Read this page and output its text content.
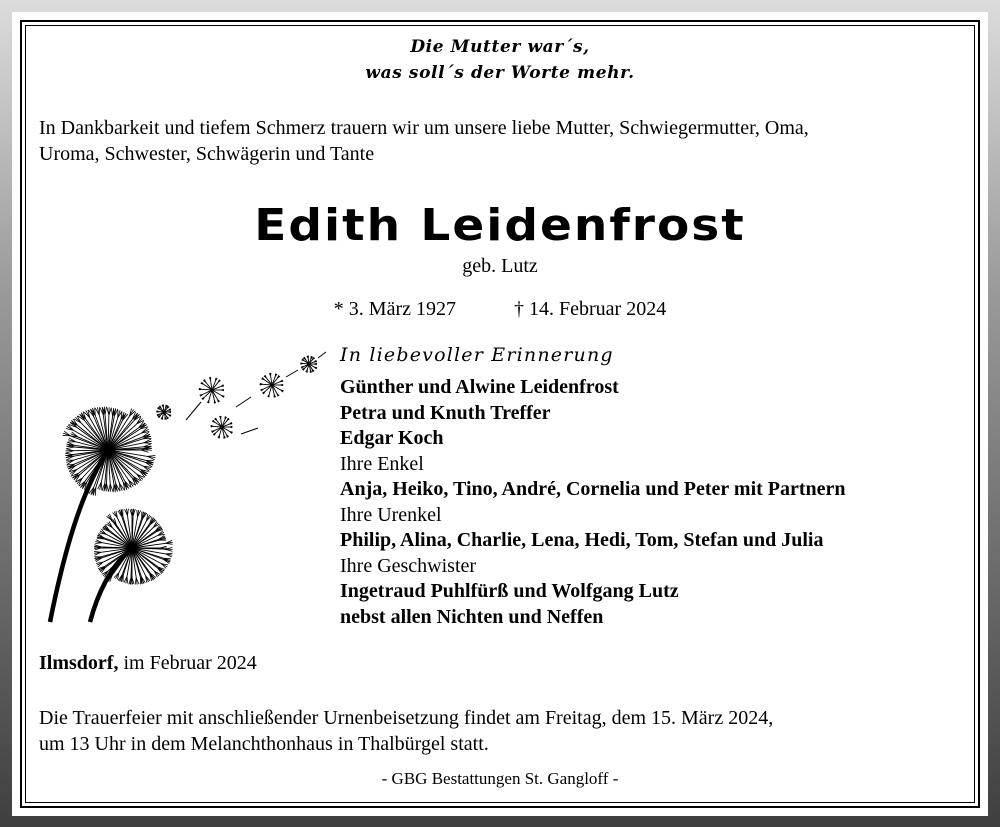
Die Mutter war´s,
was soll´s der Worte mehr.
In Dankbarkeit und tiefem Schmerz trauern wir um unsere liebe Mutter, Schwiegermutter, Oma,
Uroma, Schwester, Schwägerin und Tante
Edith Leidenfrost
geb. Lutz
* 3. März 1927	† 14. Februar 2024
In liebevoller Erinnerung
Günther und Alwine Leidenfrost
Petra und Knuth Treffer
Edgar Koch
Ihre Enkel
Anja, Heiko, Tino, André, Cornelia und Peter mit Partnern
Ihre Urenkel
Philip, Alina, Charlie, Lena, Hedi, Tom, Stefan und Julia
Ihre Geschwister
Ingetraud Puhlfürß und Wolfgang Lutz
nebst allen Nichten und Neffen
Ilmsdorf, im Februar 2024
Die Trauerfeier mit anschließender Urnenbeisetzung findet am Freitag, dem 15. März 2024,
um 13 Uhr in dem Melanchthonhaus in Thalbürgel statt.
- GBG Bestattungen St. Gangloff -
